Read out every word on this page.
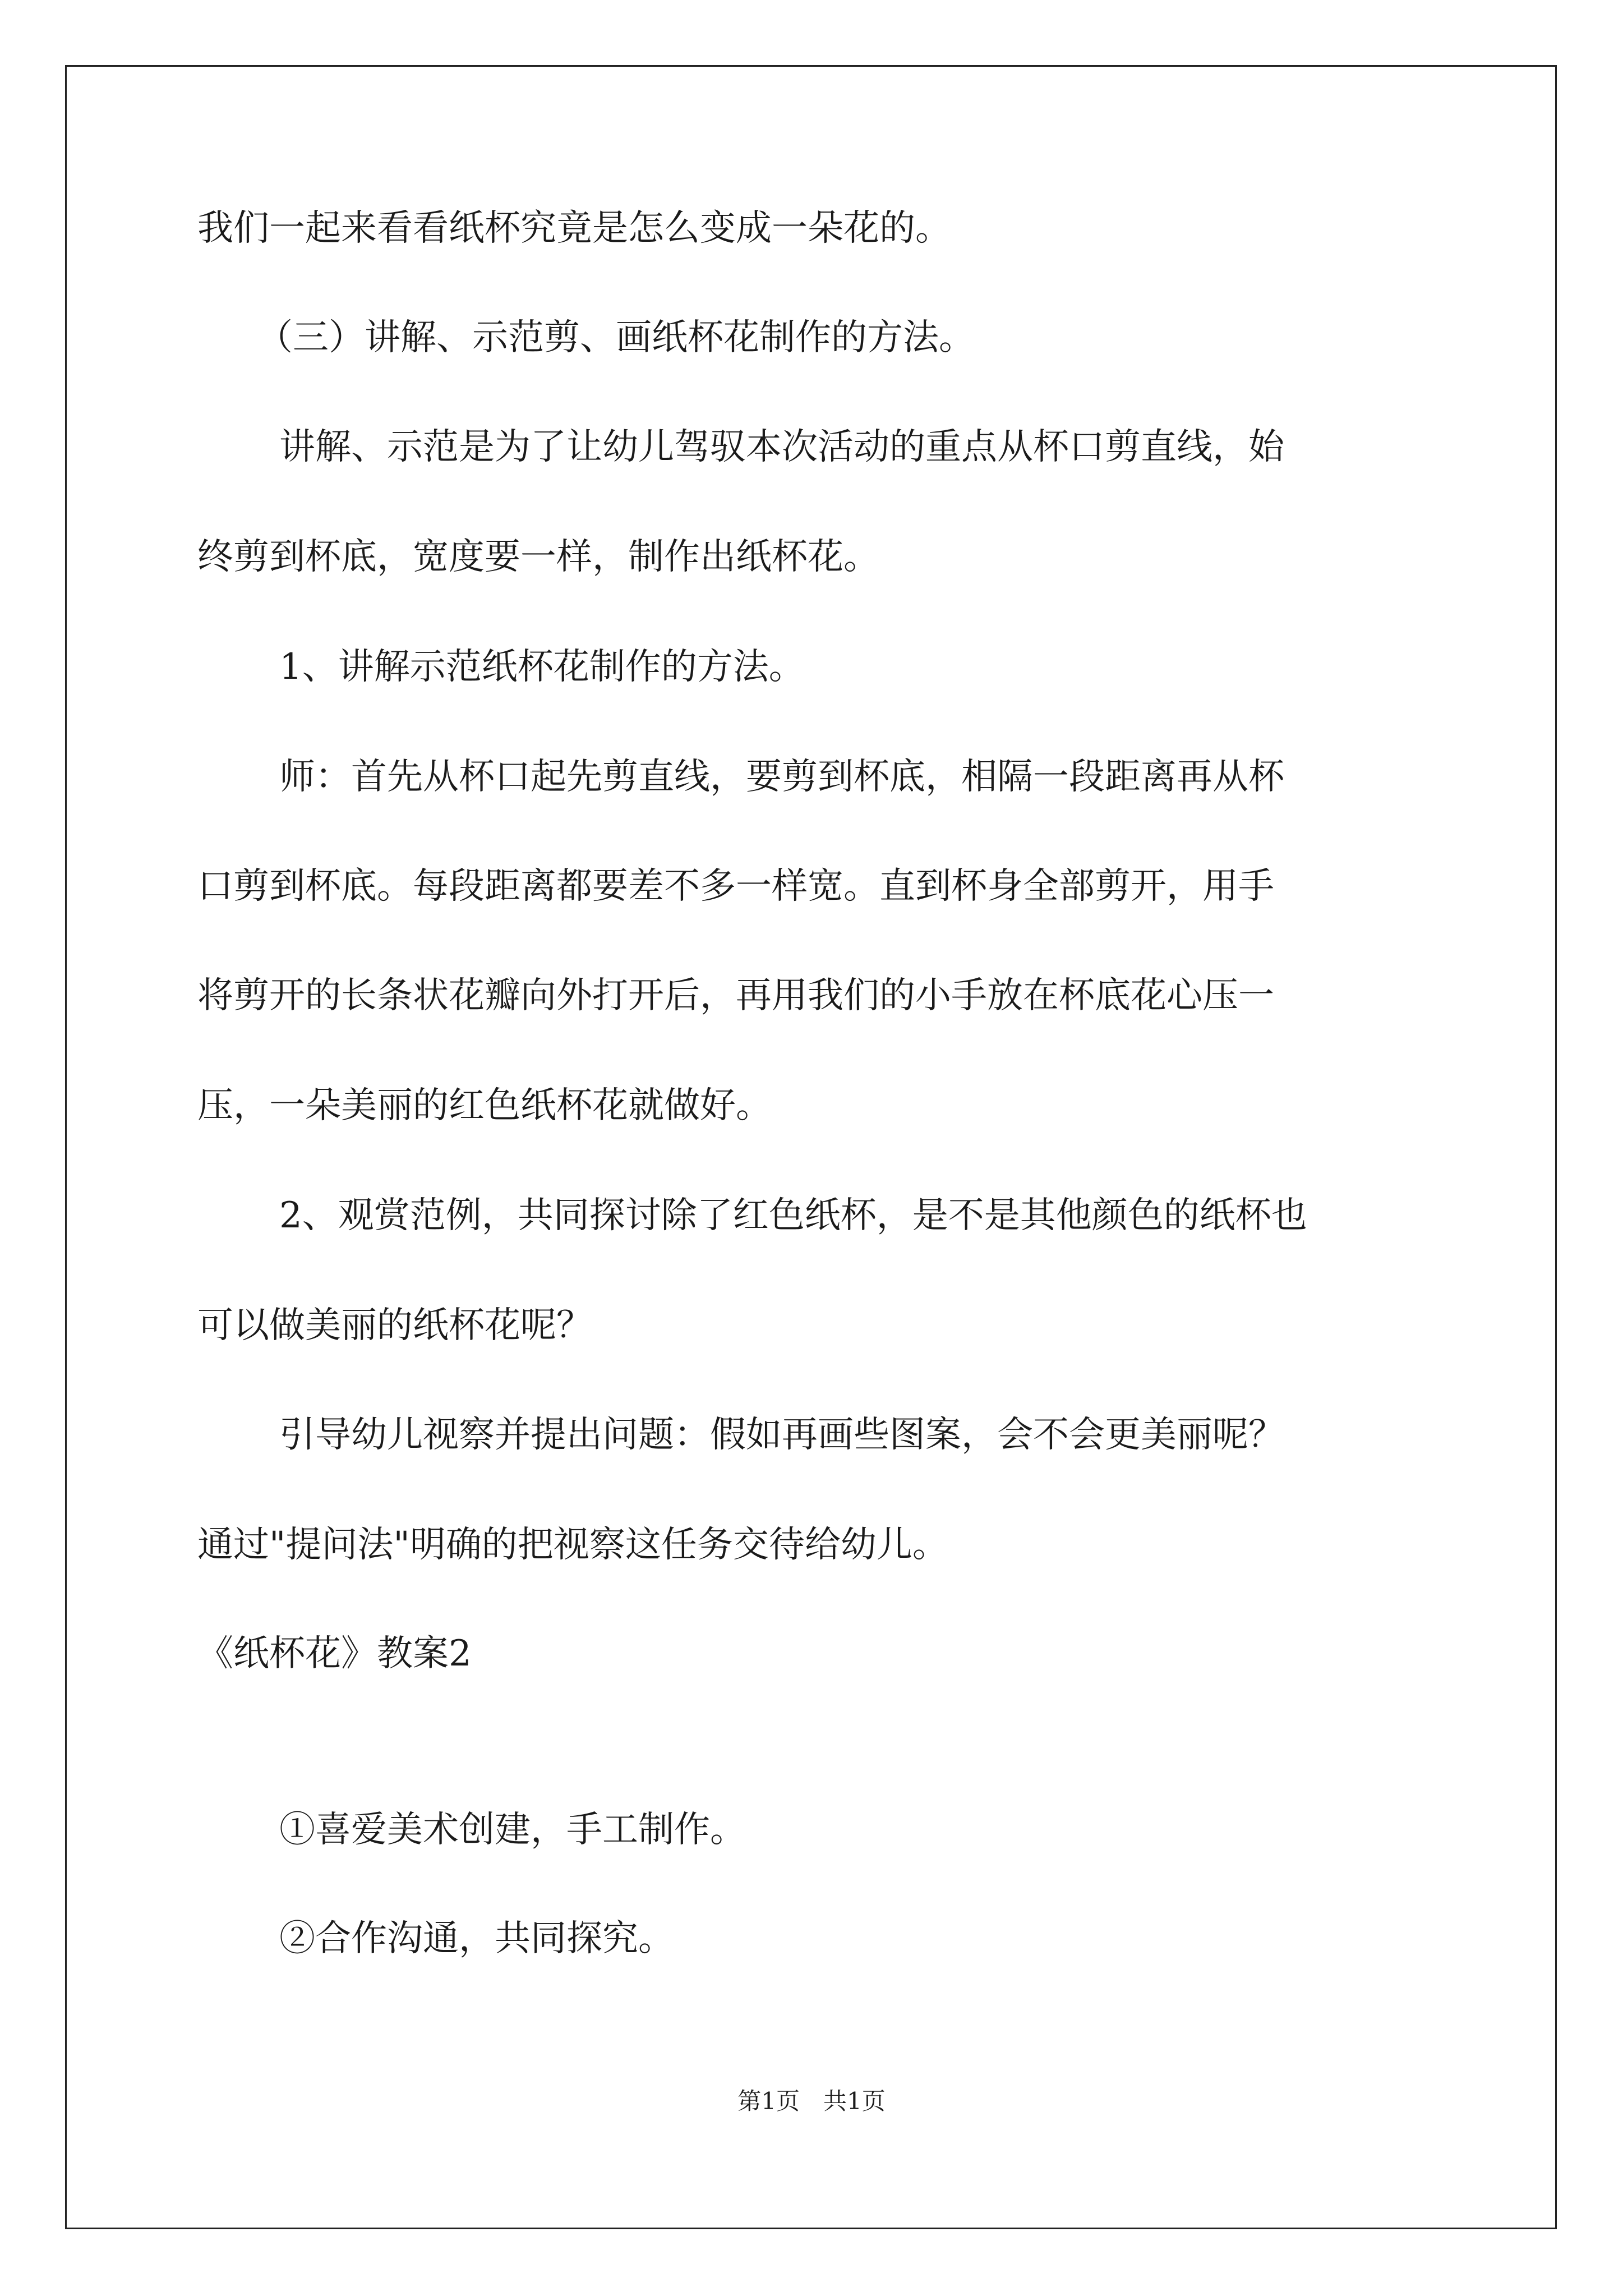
我们一起来看看纸杯究竟是怎么变成一朵花的。
（三）讲解、示范剪、画纸杯花制作的方法。
讲解、示范是为了让幼儿驾驭本次活动的重点从杯口剪直线，始
终剪到杯底，宽度要一样，制作出纸杯花。
1、讲解示范纸杯花制作的方法。
师：首先从杯口起先剪直线，要剪到杯底，相隔一段距离再从杯
口剪到杯底。每段距离都要差不多一样宽。直到杯身全部剪开，用手
将剪开的长条状花瓣向外打开后，再用我们的小手放在杯底花心压一
压，一朵美丽的红色纸杯花就做好。
2、观赏范例，共同探讨除了红色纸杯，是不是其他颜色的纸杯也
可以做美丽的纸杯花呢？
引导幼儿视察并提出问题：假如再画些图案，会不会更美丽呢？
通过"提问法"明确的把视察这任务交待给幼儿。
《纸杯花》教案2
①喜爱美术创建，手工制作。
②合作沟通，共同探究。
第1页　共1页
